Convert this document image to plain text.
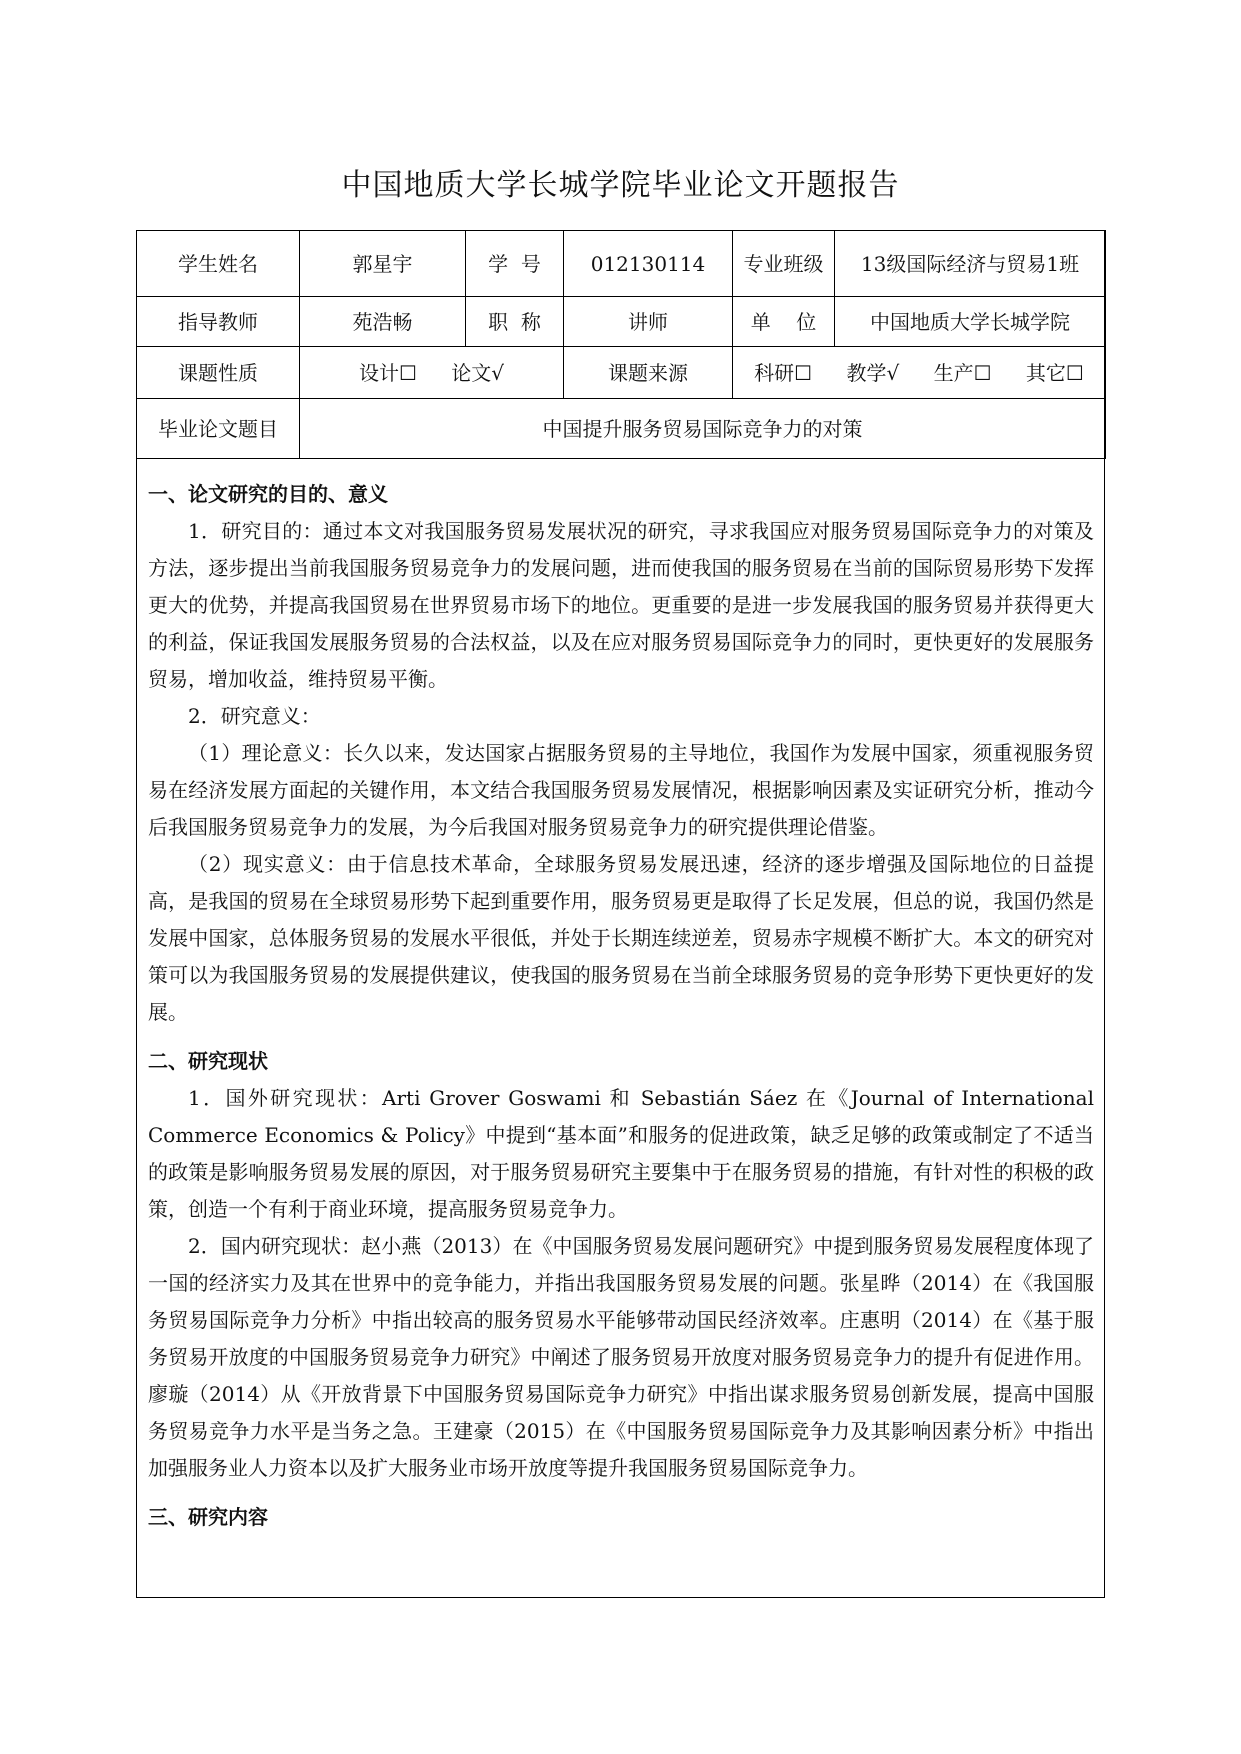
中国地质大学长城学院毕业论文开题报告
学生姓名	郭星宇	学  号	012130114	专业班级	13级国际经济与贸易1班
指导教师	苑浩畅	职  称	讲师	单    位	中国地质大学长城学院
课题性质	设计☐ 论文√		课题来源	科研☐ 教学√ 生产☐ 其它☐	
毕业论文题目	中国提升服务贸易国际竞争力的对策				
一、论文研究的目的、意义

1．研究目的：通过本文对我国服务贸易发展状况的研究，寻求我国应对服务贸易国际竞争力的对策及方法，逐步提出当前我国服务贸易竞争力的发展问题，进而使我国的服务贸易在当前的国际贸易形势下发挥更大的优势，并提高我国贸易在世界贸易市场下的地位。更重要的是进一步发展我国的服务贸易并获得更大的利益，保证我国发展服务贸易的合法权益，以及在应对服务贸易国际竞争力的同时，更快更好的发展服务贸易，增加收益，维持贸易平衡。

2．研究意义：

（1）理论意义：长久以来，发达国家占据服务贸易的主导地位，我国作为发展中国家，须重视服务贸易在经济发展方面起的关键作用，本文结合我国服务贸易发展情况，根据影响因素及实证研究分析，推动今后我国服务贸易竞争力的发展，为今后我国对服务贸易竞争力的研究提供理论借鉴。

（2）现实意义：由于信息技术革命，全球服务贸易发展迅速，经济的逐步增强及国际地位的日益提高，是我国的贸易在全球贸易形势下起到重要作用，服务贸易更是取得了长足发展，但总的说，我国仍然是发展中国家，总体服务贸易的发展水平很低，并处于长期连续逆差，贸易赤字规模不断扩大。本文的研究对策可以为我国服务贸易的发展提供建议，使我国的服务贸易在当前全球服务贸易的竞争形势下更快更好的发展。

二、研究现状

1．国外研究现状：Arti Grover Goswami 和 Sebastián Sáez 在《Journal of International Commerce Economics & Policy》中提到“基本面”和服务的促进政策，缺乏足够的政策或制定了不适当的政策是影响服务贸易发展的原因，对于服务贸易研究主要集中于在服务贸易的措施，有针对性的积极的政策，创造一个有利于商业环境，提高服务贸易竞争力。

2．国内研究现状：赵小燕（2013）在《中国服务贸易发展问题研究》中提到服务贸易发展程度体现了一国的经济实力及其在世界中的竞争能力，并指出我国服务贸易发展的问题。张星晔（2014）在《我国服务贸易国际竞争力分析》中指出较高的服务贸易水平能够带动国民经济效率。庄惠明（2014）在《基于服务贸易开放度的中国服务贸易竞争力研究》中阐述了服务贸易开放度对服务贸易竞争力的提升有促进作用。廖璇（2014）从《开放背景下中国服务贸易国际竞争力研究》中指出谋求服务贸易创新发展，提高中国服务贸易竞争力水平是当务之急。王建豪（2015）在《中国服务贸易国际竞争力及其影响因素分析》中指出加强服务业人力资本以及扩大服务业市场开放度等提升我国服务贸易国际竞争力。

三、研究内容
